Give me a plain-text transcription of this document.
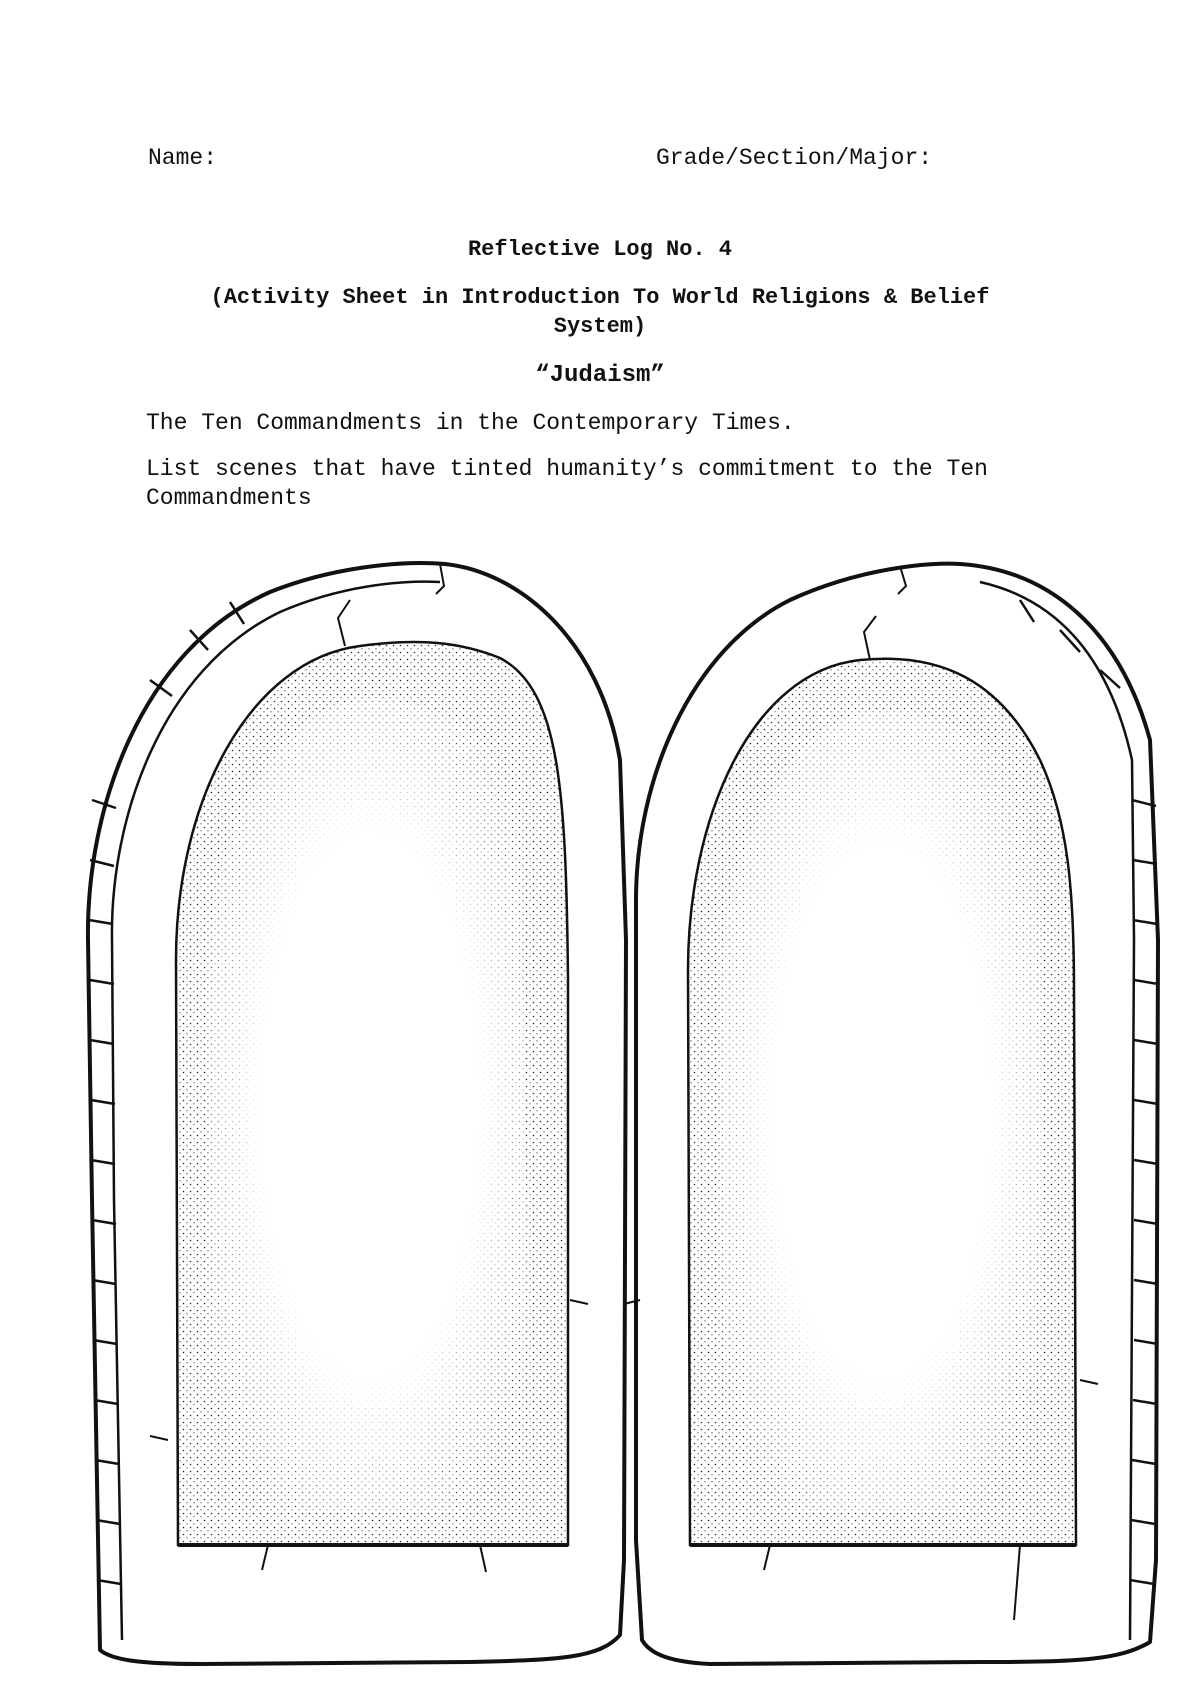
Name:	Grade/Section/Major:
Reflective Log No. 4
(Activity Sheet in Introduction To World Religions & Belief System)
“Judaism”
The Ten Commandments in the Contemporary Times.
List scenes that have tinted humanity’s commitment to the Ten Commandments
